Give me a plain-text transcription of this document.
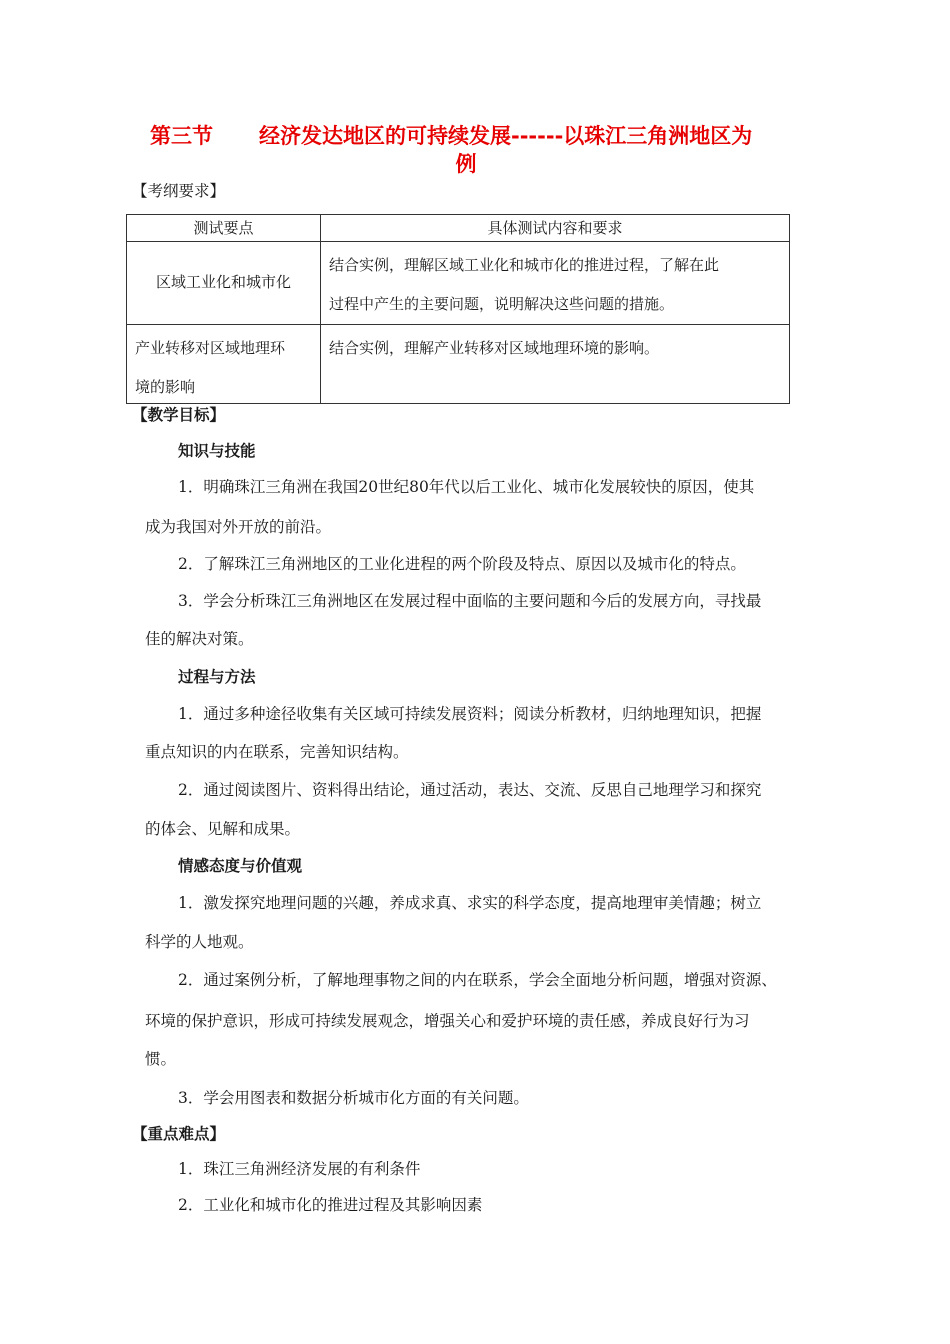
第三节 经济发达地区的可持续发展------以珠江三角洲地区为
例
【考纲要求】
测试要点	具体测试内容和要求

区域工业化和城市化	结合实例，理解区域工业化和城市化的推进过程，了解在此
过程中产生的主要问题，说明解决这些问题的措施。

产业转移对区域地理环
境的影响	结合实例，理解产业转移对区域地理环境的影响。
【教学目标】
知识与技能
1．明确珠江三角洲在我国20世纪80年代以后工业化、城市化发展较快的原因，使其
成为我国对外开放的前沿。
2．了解珠江三角洲地区的工业化进程的两个阶段及特点、原因以及城市化的特点。
3．学会分析珠江三角洲地区在发展过程中面临的主要问题和今后的发展方向，寻找最
佳的解决对策。
过程与方法
1．通过多种途径收集有关区域可持续发展资料；阅读分析教材，归纳地理知识，把握
重点知识的内在联系，完善知识结构。
2．通过阅读图片、资料得出结论，通过活动，表达、交流、反思自己地理学习和探究
的体会、见解和成果。
情感态度与价值观
1．激发探究地理问题的兴趣，养成求真、求实的科学态度，提高地理审美情趣；树立
科学的人地观。
2．通过案例分析，了解地理事物之间的内在联系，学会全面地分析问题，增强对资源、
环境的保护意识，形成可持续发展观念，增强关心和爱护环境的责任感，养成良好行为习
惯。
3．学会用图表和数据分析城市化方面的有关问题。
【重点难点】
1．珠江三角洲经济发展的有利条件
2．工业化和城市化的推进过程及其影响因素
